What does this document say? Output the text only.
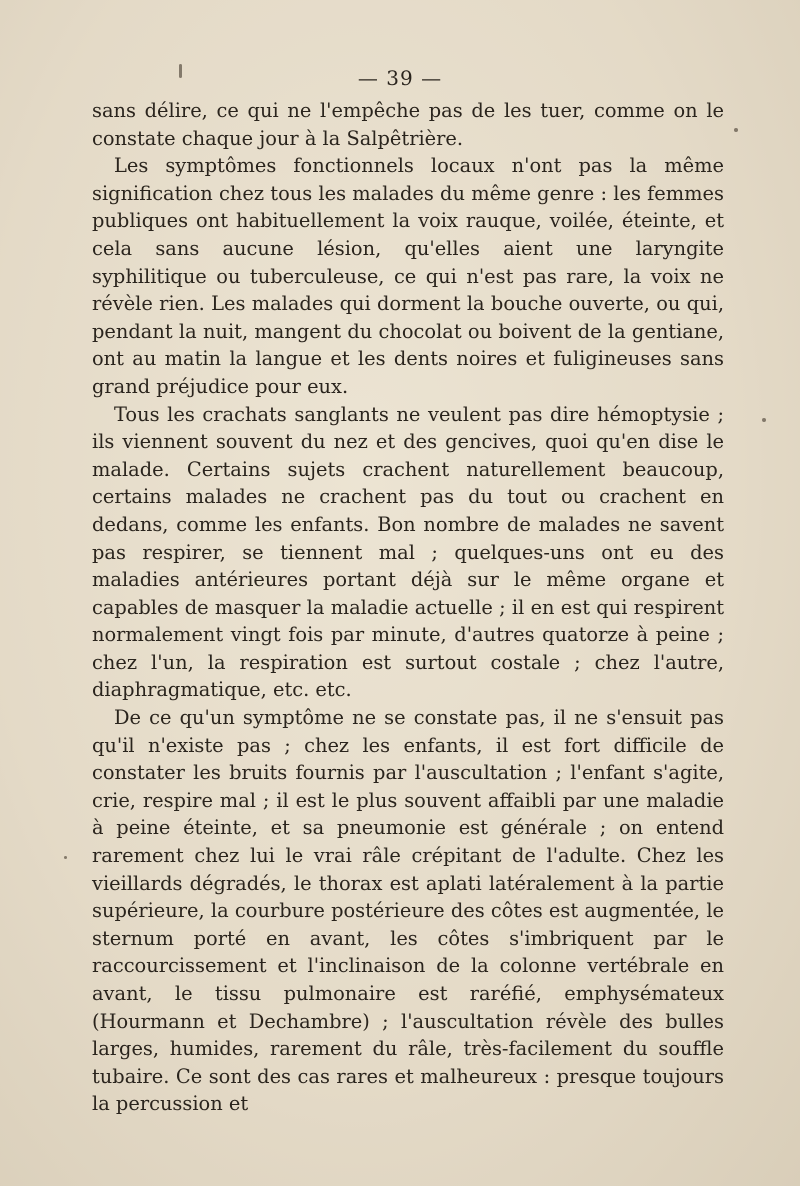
— 39 —

sans délire, ce qui ne l'empêche pas de les tuer, comme on le constate chaque jour à la Salpêtrière.

Les symptômes fonctionnels locaux n'ont pas la même signification chez tous les malades du même genre : les femmes publiques ont habituellement la voix rauque, voilée, éteinte, et cela sans aucune lésion, qu'elles aient une laryngite syphilitique ou tuberculeuse, ce qui n'est pas rare, la voix ne révèle rien. Les malades qui dorment la bouche ouverte, ou qui, pendant la nuit, mangent du chocolat ou boivent de la gentiane, ont au matin la langue et les dents noires et fuligineuses sans grand préjudice pour eux.

Tous les crachats sanglants ne veulent pas dire hémoptysie ; ils viennent souvent du nez et des gencives, quoi qu'en dise le malade. Certains sujets crachent naturellement beaucoup, certains malades ne crachent pas du tout ou crachent en dedans, comme les enfants. Bon nombre de malades ne savent pas respirer, se tiennent mal ; quelques-uns ont eu des maladies antérieures portant déjà sur le même organe et capables de masquer la maladie actuelle ; il en est qui respirent normalement vingt fois par minute, d'autres quatorze à peine ; chez l'un, la respiration est surtout costale ; chez l'autre, diaphragmatique, etc. etc.

De ce qu'un symptôme ne se constate pas, il ne s'ensuit pas qu'il n'existe pas ; chez les enfants, il est fort difficile de constater les bruits fournis par l'auscultation ; l'enfant s'agite, crie, respire mal ; il est le plus souvent affaibli par une maladie à peine éteinte, et sa pneumonie est générale ; on entend rarement chez lui le vrai râle crépitant de l'adulte. Chez les vieillards dégradés, le thorax est aplati latéralement à la partie supérieure, la courbure postérieure des côtes est augmentée, le sternum porté en avant, les côtes s'imbriquent par le raccourcissement et l'inclinaison de la colonne vertébrale en avant, le tissu pulmonaire est raréfié, emphysémateux (Hourmann et Dechambre) ; l'auscultation révèle des bulles larges, humides, rarement du râle, très-facilement du souffle tubaire. Ce sont des cas rares et malheureux : presque toujours la percussion et
